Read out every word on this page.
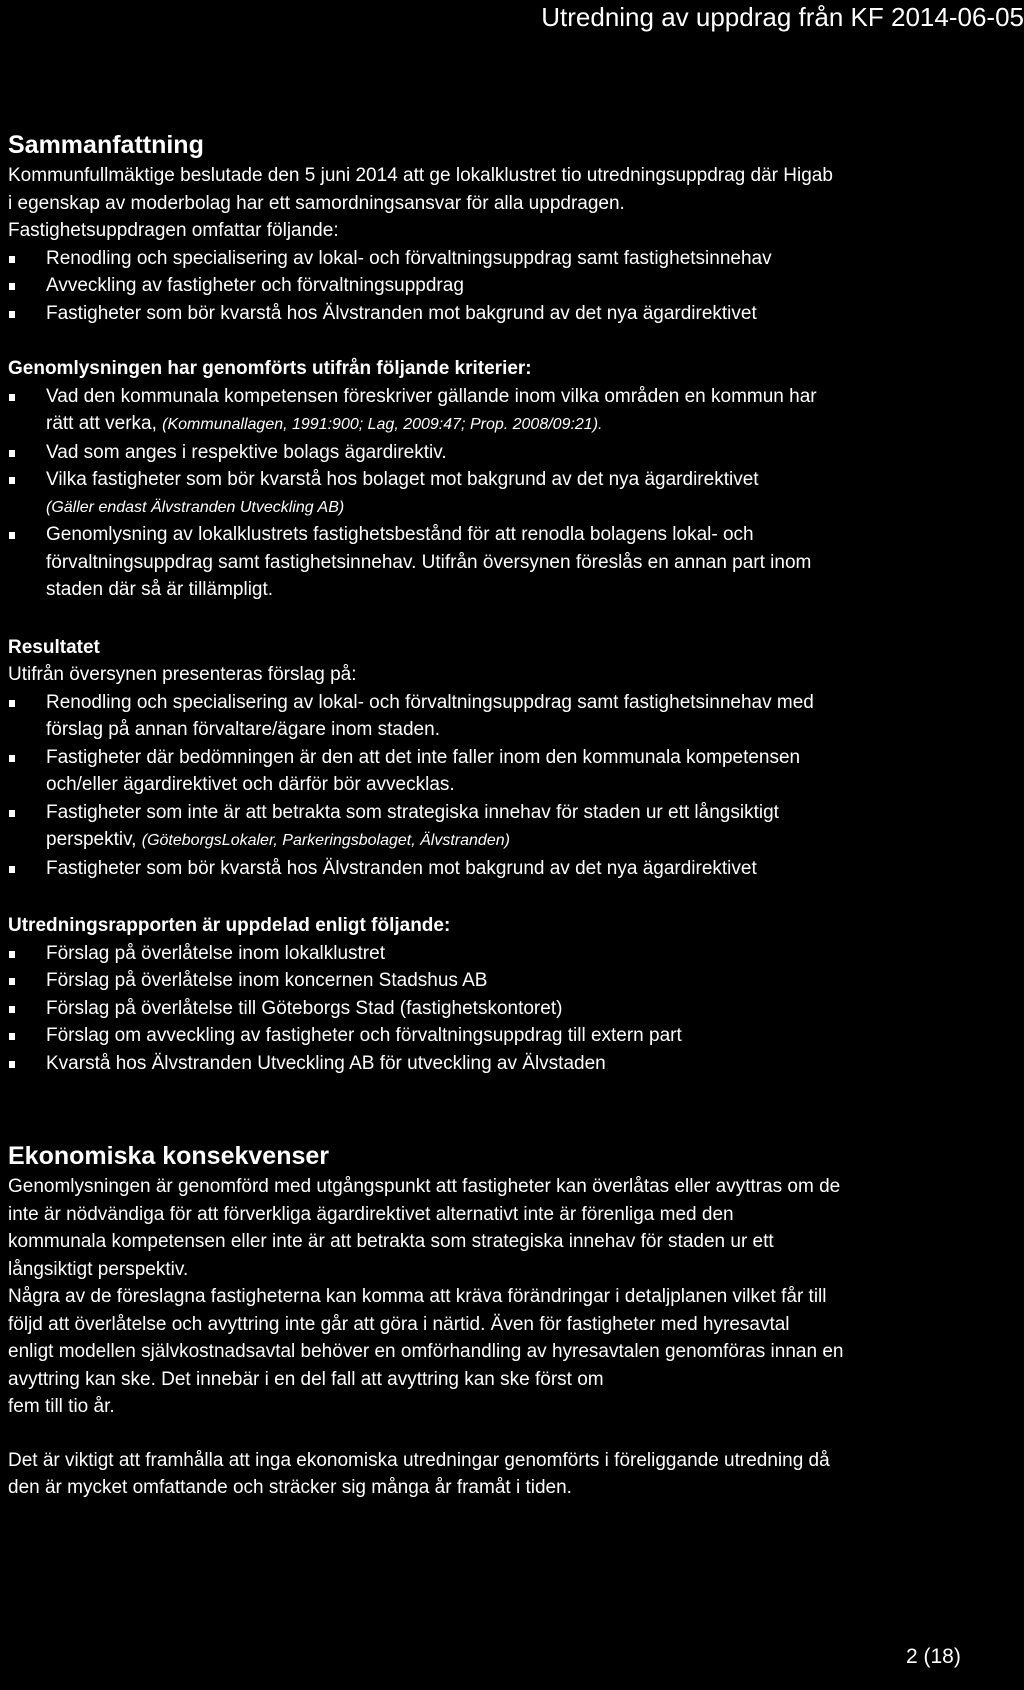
Utredning av uppdrag från KF 2014-06-05
Sammanfattning
Kommunfullmäktige beslutade den 5 juni 2014 att ge lokalklustret tio utredningsuppdrag där Higab
i egenskap av moderbolag har ett samordningsansvar för alla uppdragen.
Fastighetsuppdragen omfattar följande:
Renodling och specialisering av lokal- och förvaltningsuppdrag samt fastighetsinnehav
Avveckling av fastigheter och förvaltningsuppdrag
Fastigheter som bör kvarstå hos Älvstranden mot bakgrund av det nya ägardirektivet
Genomlysningen har genomförts utifrån följande kriterier:
Vad den kommunala kompetensen föreskriver gällande inom vilka områden en kommun har
rätt att verka, (Kommunallagen, 1991:900; Lag, 2009:47; Prop. 2008/09:21).
Vad som anges i respektive bolags ägardirektiv.
Vilka fastigheter som bör kvarstå hos bolaget mot bakgrund av det nya ägardirektivet
(Gäller endast Älvstranden Utveckling AB)
Genomlysning av lokalklustrets fastighetsbestånd för att renodla bolagens lokal- och
förvaltningsuppdrag samt fastighetsinnehav. Utifrån översynen föreslås en annan part inom
staden där så är tillämpligt.
Resultatet
Utifrån översynen presenteras förslag på:
Renodling och specialisering av lokal- och förvaltningsuppdrag samt fastighetsinnehav med
förslag på annan förvaltare/ägare inom staden.
Fastigheter där bedömningen är den att det inte faller inom den kommunala kompetensen
och/eller ägardirektivet och därför bör avvecklas.
Fastigheter som inte är att betrakta som strategiska innehav för staden ur ett långsiktigt
perspektiv, (GöteborgsLokaler, Parkeringsbolaget, Älvstranden)
Fastigheter som bör kvarstå hos Älvstranden mot bakgrund av det nya ägardirektivet
Utredningsrapporten är uppdelad enligt följande:
Förslag på överlåtelse inom lokalklustret
Förslag på överlåtelse inom koncernen Stadshus AB
Förslag på överlåtelse till Göteborgs Stad (fastighetskontoret)
Förslag om avveckling av fastigheter och förvaltningsuppdrag till extern part
Kvarstå hos Älvstranden Utveckling AB för utveckling av Älvstaden
Ekonomiska konsekvenser
Genomlysningen är genomförd med utgångspunkt att fastigheter kan överlåtas eller avyttras om de
inte är nödvändiga för att förverkliga ägardirektivet alternativt inte är förenliga med den
kommunala kompetensen eller inte är att betrakta som strategiska innehav för staden ur ett
långsiktigt perspektiv.
Några av de föreslagna fastigheterna kan komma att kräva förändringar i detaljplanen vilket får till
följd att överlåtelse och avyttring inte går att göra i närtid. Även för fastigheter med hyresavtal
enligt modellen självkostnadsavtal behöver en omförhandling av hyresavtalen genomföras innan en
avyttring kan ske. Det innebär i en del fall att avyttring kan ske först om
fem till tio år.
Det är viktigt att framhålla att inga ekonomiska utredningar genomförts i föreliggande utredning då
den är mycket omfattande och sträcker sig många år framåt i tiden.
2 (18)
